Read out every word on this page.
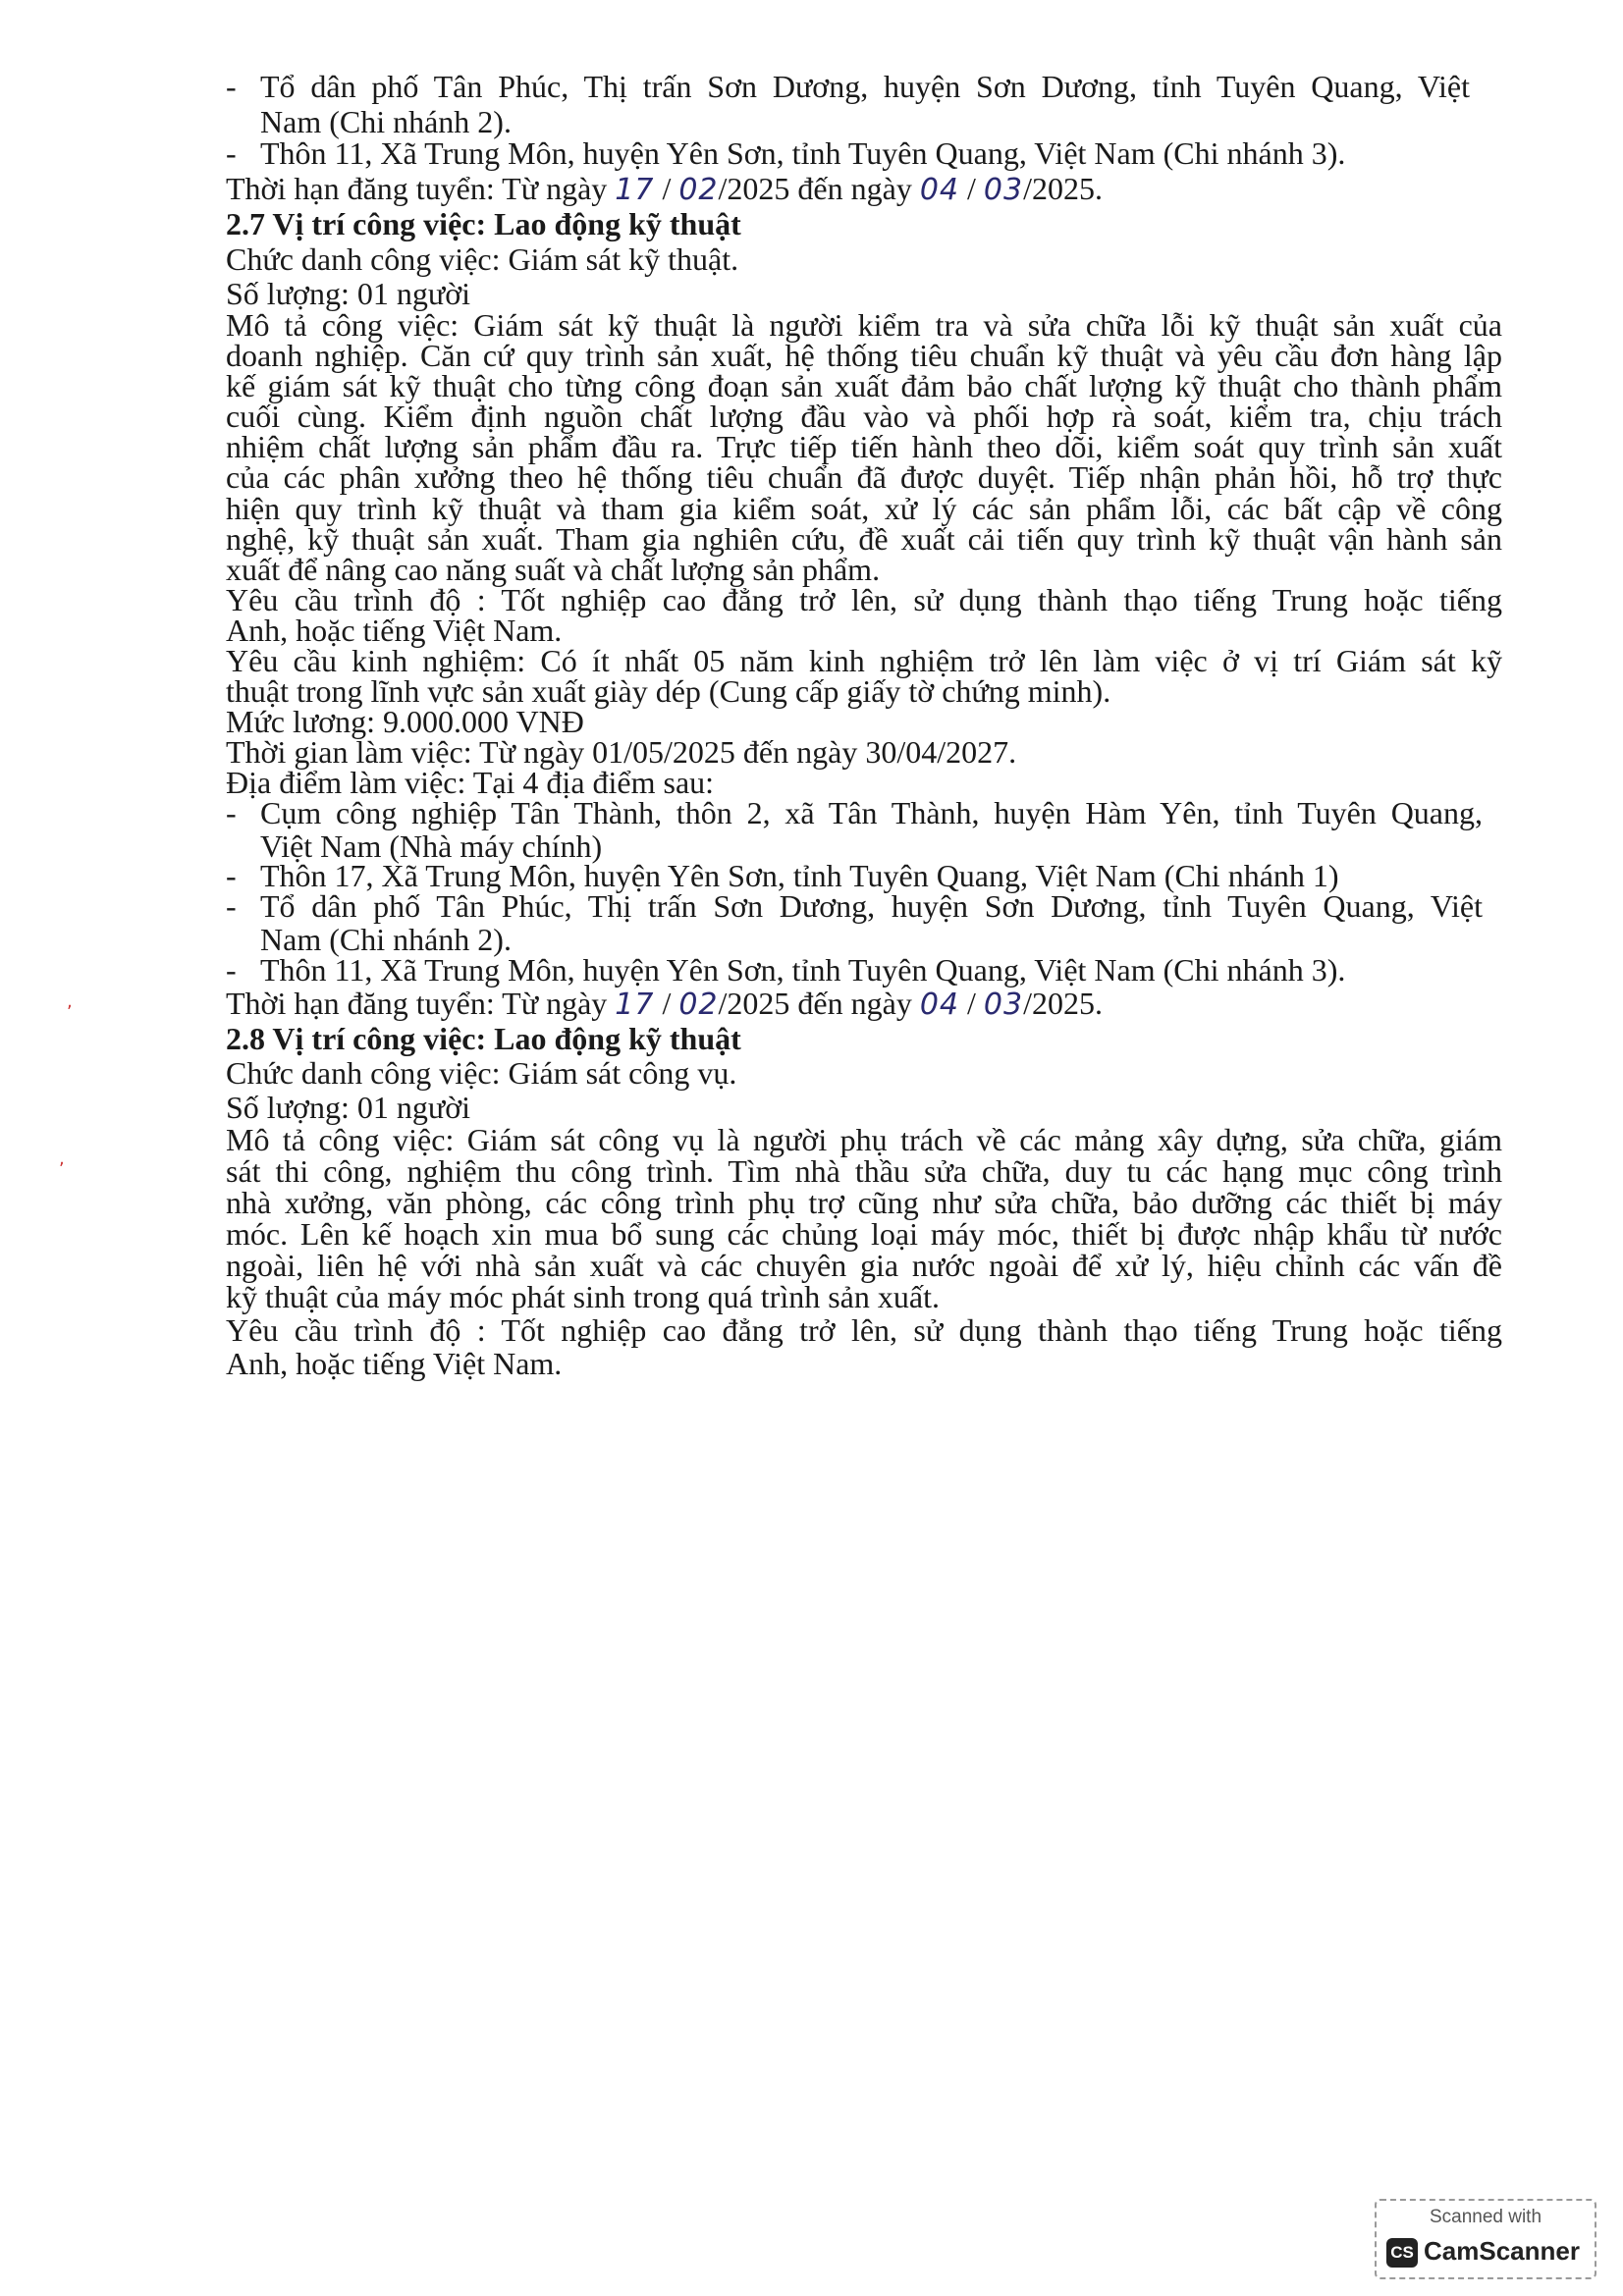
- Tổ dân phố Tân Phúc, Thị trấn Sơn Dương, huyện Sơn Dương, tỉnh Tuyên Quang, Việt
Nam (Chi nhánh 2).
- Thôn 11, Xã Trung Môn, huyện Yên Sơn, tỉnh Tuyên Quang, Việt Nam (Chi nhánh 3).
Thời hạn đăng tuyển: Từ ngày 17 / 02/2025 đến ngày 04 / 03/2025.
2.7 Vị trí công việc: Lao động kỹ thuật
Chức danh công việc: Giám sát kỹ thuật.
Số lượng: 01 người
Mô tả công việc: Giám sát kỹ thuật là người kiểm tra và sửa chữa lỗi kỹ thuật sản xuất của
doanh nghiệp. Căn cứ quy trình sản xuất, hệ thống tiêu chuẩn kỹ thuật và yêu cầu đơn hàng lập
kế giám sát kỹ thuật cho từng công đoạn sản xuất đảm bảo chất lượng kỹ thuật cho thành phẩm
cuối cùng. Kiểm định nguồn chất lượng đầu vào và phối hợp rà soát, kiểm tra, chịu trách
nhiệm chất lượng sản phẩm đầu ra. Trực tiếp tiến hành theo dõi, kiểm soát quy trình sản xuất
của các phân xưởng theo hệ thống tiêu chuẩn đã được duyệt. Tiếp nhận phản hồi, hỗ trợ thực
hiện quy trình kỹ thuật và tham gia kiểm soát, xử lý các sản phẩm lỗi, các bất cập về công
nghệ, kỹ thuật sản xuất. Tham gia nghiên cứu, đề xuất cải tiến quy trình kỹ thuật vận hành sản
xuất để nâng cao năng suất và chất lượng sản phẩm.
Yêu cầu trình độ : Tốt nghiệp cao đẳng trở lên, sử dụng thành thạo tiếng Trung hoặc tiếng
Anh, hoặc tiếng Việt Nam.
Yêu cầu kinh nghiệm: Có ít nhất 05 năm kinh nghiệm trở lên làm việc ở vị trí Giám sát kỹ
thuật trong lĩnh vực sản xuất giày dép (Cung cấp giấy tờ chứng minh).
Mức lương: 9.000.000 VNĐ
Thời gian làm việc: Từ ngày 01/05/2025 đến ngày 30/04/2027.
Địa điểm làm việc: Tại 4 địa điểm sau:
- Cụm công nghiệp Tân Thành, thôn 2, xã Tân Thành, huyện Hàm Yên, tỉnh Tuyên Quang,
Việt Nam (Nhà máy chính)
- Thôn 17, Xã Trung Môn, huyện Yên Sơn, tỉnh Tuyên Quang, Việt Nam (Chi nhánh 1)
- Tổ dân phố Tân Phúc, Thị trấn Sơn Dương, huyện Sơn Dương, tỉnh Tuyên Quang, Việt
Nam (Chi nhánh 2).
- Thôn 11, Xã Trung Môn, huyện Yên Sơn, tỉnh Tuyên Quang, Việt Nam (Chi nhánh 3).
Thời hạn đăng tuyển: Từ ngày 17 / 02/2025 đến ngày 04 / 03/2025.
2.8 Vị trí công việc: Lao động kỹ thuật
Chức danh công việc: Giám sát công vụ.
Số lượng: 01 người
Mô tả công việc: Giám sát công vụ là người phụ trách về các mảng xây dựng, sửa chữa, giám
sát thi công, nghiệm thu công trình. Tìm nhà thầu sửa chữa, duy tu các hạng mục công trình
nhà xưởng, văn phòng, các công trình phụ trợ cũng như sửa chữa, bảo dưỡng các thiết bị máy
móc. Lên kế hoạch xin mua bổ sung các chủng loại máy móc, thiết bị được nhập khẩu từ nước
ngoài, liên hệ với nhà sản xuất và các chuyên gia nước ngoài để xử lý, hiệu chỉnh các vấn đề
kỹ thuật của máy móc phát sinh trong quá trình sản xuất.
Yêu cầu trình độ : Tốt nghiệp cao đẳng trở lên, sử dụng thành thạo tiếng Trung hoặc tiếng
Anh, hoặc tiếng Việt Nam.
,
,
Scanned with
CS CamScanner
